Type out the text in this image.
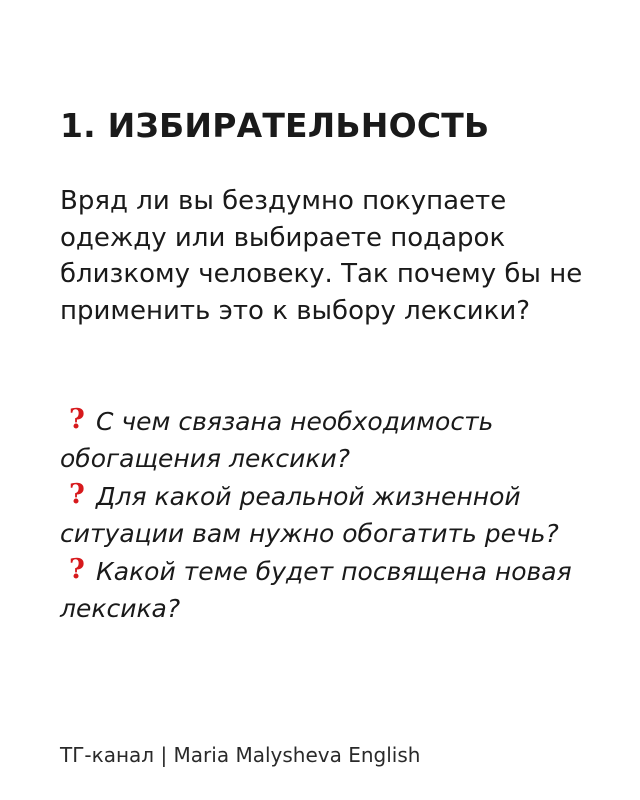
1. ИЗБИРАТЕЛЬНОСТЬ

Вряд ли вы бездумно покупаете одежду или выбираете подарок близкому человеку. Так почему бы не применить это к выбору лексики?

? С чем связана необходимость обогащения лексики?
? Для какой реальной жизненной ситуации вам нужно обогатить речь?
? Какой теме будет посвящена новая лексика?

ТГ-канал | Maria Malysheva English
